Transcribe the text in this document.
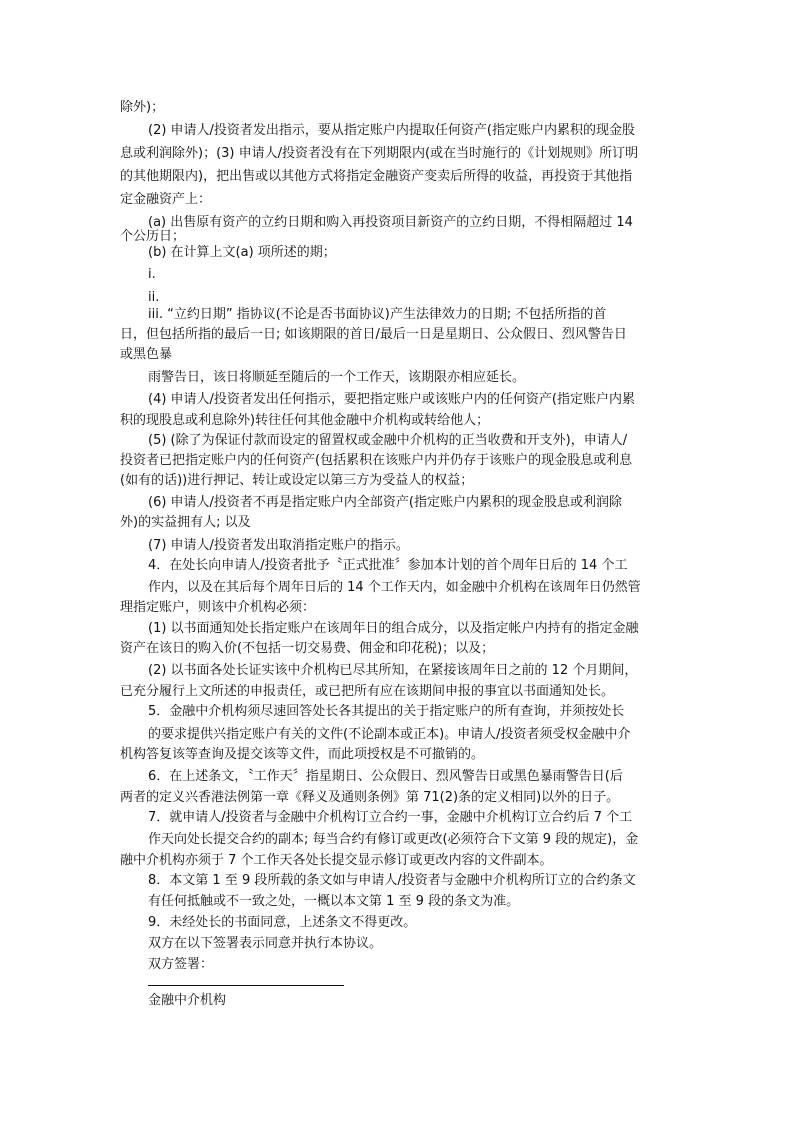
除外)；
(2) 申请人/投资者发出指示，要从指定账户内提取任何资产(指定账户内累积的现金股
息或利润除外)；(3) 申请人/投资者没有在下列期限内(或在当时施行的《计划规则》所订明
的其他期限内)，把出售或以其他方式将指定金融资产变卖后所得的收益，再投资于其他指
定金融资产上：
(a) 出售原有资产的立约日期和购入再投资项目新资产的立约日期，不得相隔超过 14
个公历日；
(b) 在计算上文(a) 项所述的期；
i.
ii.
iii. “立约日期” 指协议(不论是否书面协议)产生法律效力的日期; 不包括所指的首
日，但包括所指的最后一日; 如该期限的首日/最后一日是星期日、公众假日、烈风警告日
或黑色暴
雨警告日，该日将顺延至随后的一个工作天，该期限亦相应延长。
(4) 申请人/投资者发出任何指示，要把指定账户或该账户内的任何资产(指定账户内累
积的现股息或利息除外)转往任何其他金融中介机构或转给他人；
(5) (除了为保证付款而设定的留置权或金融中介机构的正当收费和开支外)，申请人/
投资者已把指定账户内的任何资产(包括累积在该账户内并仍存于该账户的现金股息或利息
(如有的话))进行押记、转让或设定以第三方为受益人的权益；
(6) 申请人/投资者不再是指定账户内全部资产(指定账户内累积的现金股息或利润除
外)的实益拥有人; 以及
(7) 申请人/投资者发出取消指定账户的指示。
4．在处长向申请人/投资者批予〝正式批准〞参加本计划的首个周年日后的 14 个工
作内，以及在其后每个周年日后的 14 个工作天内，如金融中介机构在该周年日仍然管
理指定账户，则该中介机构必须：
(1) 以书面通知处长指定账户在该周年日的组合成分，以及指定帐户内持有的指定金融
资产在该日的购入价(不包括一切交易费、佣金和印花税)；以及；
(2) 以书面各处长证实该中介机构已尽其所知，在紧接该周年日之前的 12 个月期间，
已充分履行上文所述的申报责任，或已把所有应在该期间申报的事宜以书面通知处长。
5．金融中介机构须尽速回答处长各其提出的关于指定账户的所有查询，并须按处长
的要求提供兴指定账户有关的文件(不论副本或正本)。申请人/投资者须受权金融中介
机构答复该等查询及提交该等文件，而此项授权是不可撤销的。
6．在上述条文，〝工作天〞指星期日、公众假日、烈风警告日或黑色暴雨警告日(后
两者的定义兴香港法例第一章《释义及通则条例》第 71(2)条的定义相同)以外的日子。
7．就申请人/投资者与金融中介机构订立合约一事，金融中介机构订立合约后 7 个工
作天向处长提交合约的副本; 每当合约有修订或更改(必须符合下文第 9 段的规定)，金
融中介机构亦须于 7 个工作天各处长提交显示修订或更改内容的文件副本。
8．本文第 1 至 9 段所载的条文如与申请人/投资者与金融中介机构所订立的合约条文
有任何抵触或不一致之处，一概以本文第 1 至 9 段的条文为准。
9．未经处长的书面同意，上述条文不得更改。
双方在以下签署表示同意并执行本协议。
双方签署：
金融中介机构
